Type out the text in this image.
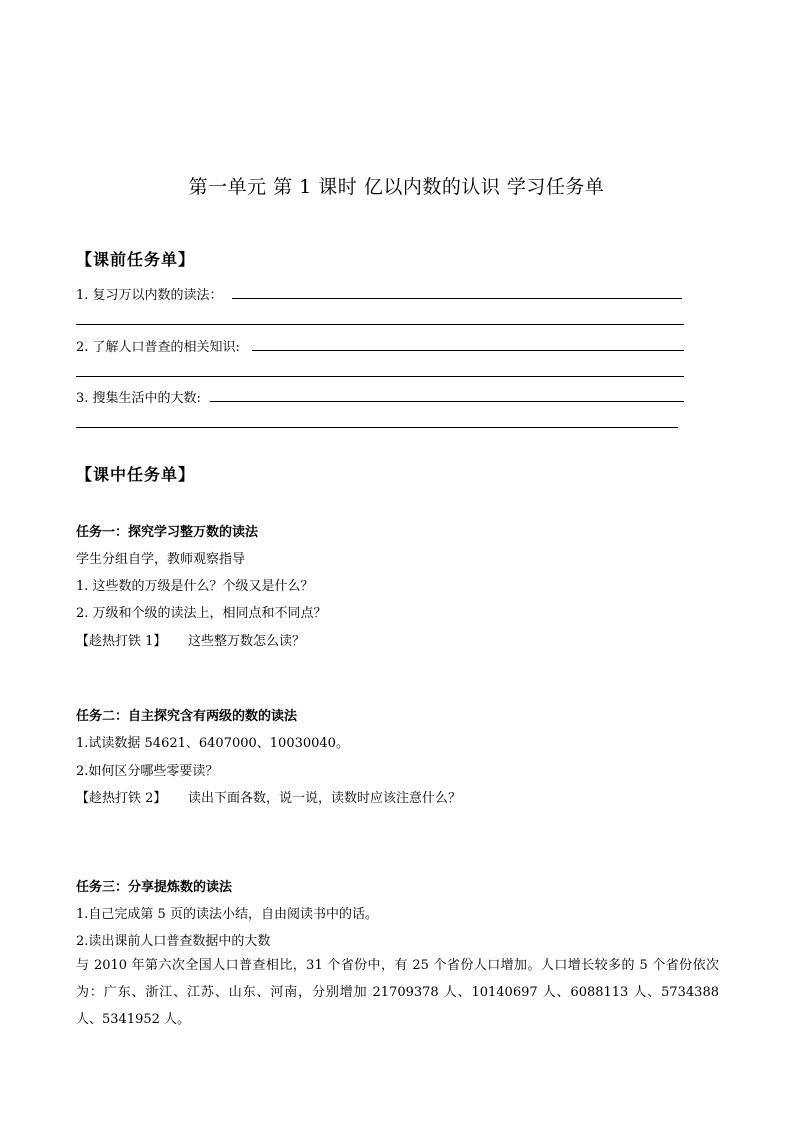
第一单元 第 1 课时 亿以内数的认识 学习任务单
【课前任务单】
1. 复习万以内数的读法：
2. 了解人口普查的相关知识:
3. 搜集生活中的大数:
【课中任务单】
任务一：探究学习整万数的读法
学生分组自学，教师观察指导
1. 这些数的万级是什么？个级又是什么？
2. 万级和个级的读法上，相同点和不同点？
【趁热打铁 1】 这些整万数怎么读？
任务二：自主探究含有两级的数的读法
1.试读数据 54621、6407000、10030040。
2.如何区分哪些零要读？
【趁热打铁 2】 读出下面各数，说一说，读数时应该注意什么？
任务三：分享提炼数的读法
1.自己完成第 5 页的读法小结，自由阅读书中的话。
2.读出课前人口普查数据中的大数
与 2010 年第六次全国人口普查相比，31 个省份中，有 25 个省份人口增加。人口增长较多的 5 个省份依次为：广东、浙江、江苏、山东、河南，分别增加 21709378 人、10140697 人、6088113 人、5734388 人、5341952 人。
